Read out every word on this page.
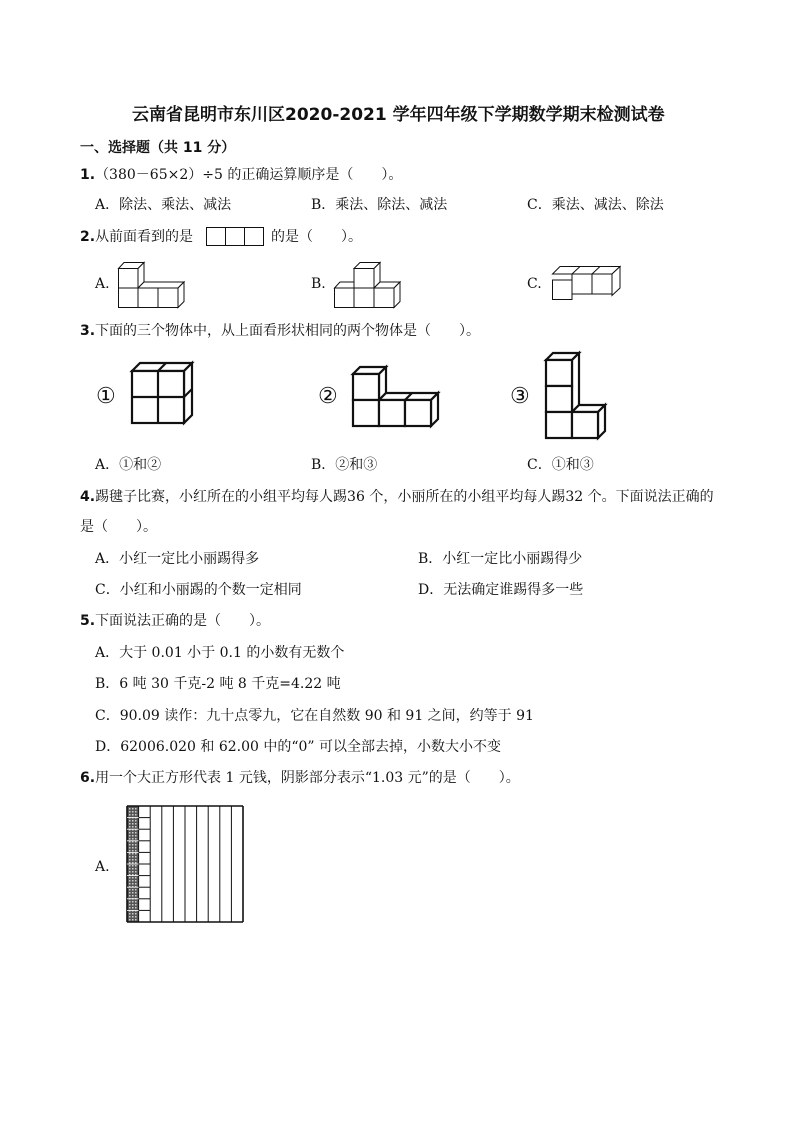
云南省昆明市东川区2020-2021 学年四年级下学期数学期末检测试卷
一、选择题（共 11 分）
1.（380－65×2）÷5 的正确运算顺序是（　　）。
A．除法、乘法、减法	B．乘法、除法、减法	C．乘法、减法、除法
2.从前面看到的是	的是（　　）。
A.	B.	C.
3.下面的三个物体中，从上面看形状相同的两个物体是（　　）。
①	②	③
A．①和②	B．②和③	C．①和③
4.踢毽子比赛，小红所在的小组平均每人踢36 个，小丽所在的小组平均每人踢32 个。下面说法正确的
是（　　）。
A．小红一定比小丽踢得多	B．小红一定比小丽踢得少
C．小红和小丽踢的个数一定相同	D．无法确定谁踢得多一些
5.下面说法正确的是（　　）。
A．大于 0.01 小于 0.1 的小数有无数个
B．6 吨 30 千克-2 吨 8 千克=4.22 吨
C．90.09 读作：九十点零九，它在自然数 90 和 91 之间，约等于 91
D．62006.020 和 62.00 中的“0” 可以全部去掉，小数大小不变
6.用一个大正方形代表 1 元钱，阴影部分表示“1.03 元”的是（　　）。
A.
